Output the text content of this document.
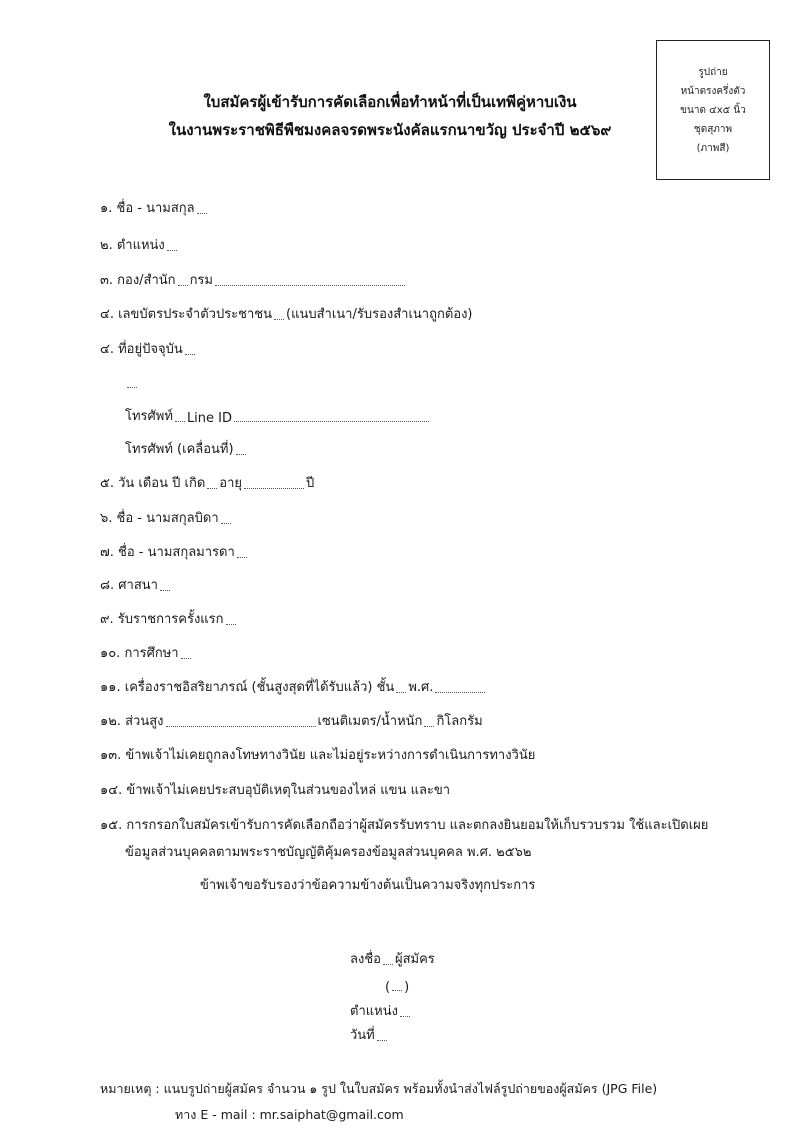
รูปถ่าย
หน้าตรงครึ่งตัว
ขนาด ๔x๕ นิ้ว
ชุดสุภาพ
(ภาพสี)
ใบสมัครผู้เข้ารับการคัดเลือกเพื่อทำหน้าที่เป็นเทพีคู่หาบเงิน
ในงานพระราชพิธีพืชมงคลจรดพระนังคัลแรกนาขวัญ ประจำปี ๒๕๖๙
๑. ชื่อ - นามสกุล
๒. ตำแหน่ง
๓. กอง/สำนัก กรม
๔. เลขบัตรประจำตัวประชาชน (แนบสำเนา/รับรองสำเนาถูกต้อง)
๔. ที่อยู่ปัจจุบัน
โทรศัพท์ Line ID
โทรศัพท์ (เคลื่อนที่)
๕. วัน เดือน ปี เกิด อายุ	ปี
๖. ชื่อ - นามสกุลบิดา
๗. ชื่อ - นามสกุลมารดา
๘. ศาสนา
๙. รับราชการครั้งแรก
๑๐. การศึกษา
๑๑. เครื่องราชอิสริยาภรณ์ (ชั้นสูงสุดที่ได้รับแล้ว) ชั้น พ.ศ.
๑๒. ส่วนสูง	เซนติเมตร/น้ำหนัก กิโลกรัม
๑๓. ข้าพเจ้าไม่เคยถูกลงโทษทางวินัย และไม่อยู่ระหว่างการดำเนินการทางวินัย
๑๔. ข้าพเจ้าไม่เคยประสบอุบัติเหตุในส่วนของไหล่ แขน และขา
๑๕. การกรอกใบสมัครเข้ารับการคัดเลือกถือว่าผู้สมัครรับทราบ และตกลงยินยอมให้เก็บรวบรวม ใช้และเปิดเผย
ข้อมูลส่วนบุคคลตามพระราชบัญญัติคุ้มครองข้อมูลส่วนบุคคล พ.ศ. ๒๕๖๒
ข้าพเจ้าขอรับรองว่าข้อความข้างต้นเป็นความจริงทุกประการ
ลงชื่อ ผู้สมัคร
( )
ตำแหน่ง
วันที่
หมายเหตุ : แนบรูปถ่ายผู้สมัคร จำนวน ๑ รูป ในใบสมัคร พร้อมทั้งนำส่งไฟล์รูปถ่ายของผู้สมัคร (JPG File)
ทาง E - mail : mr.saiphat@gmail.com
